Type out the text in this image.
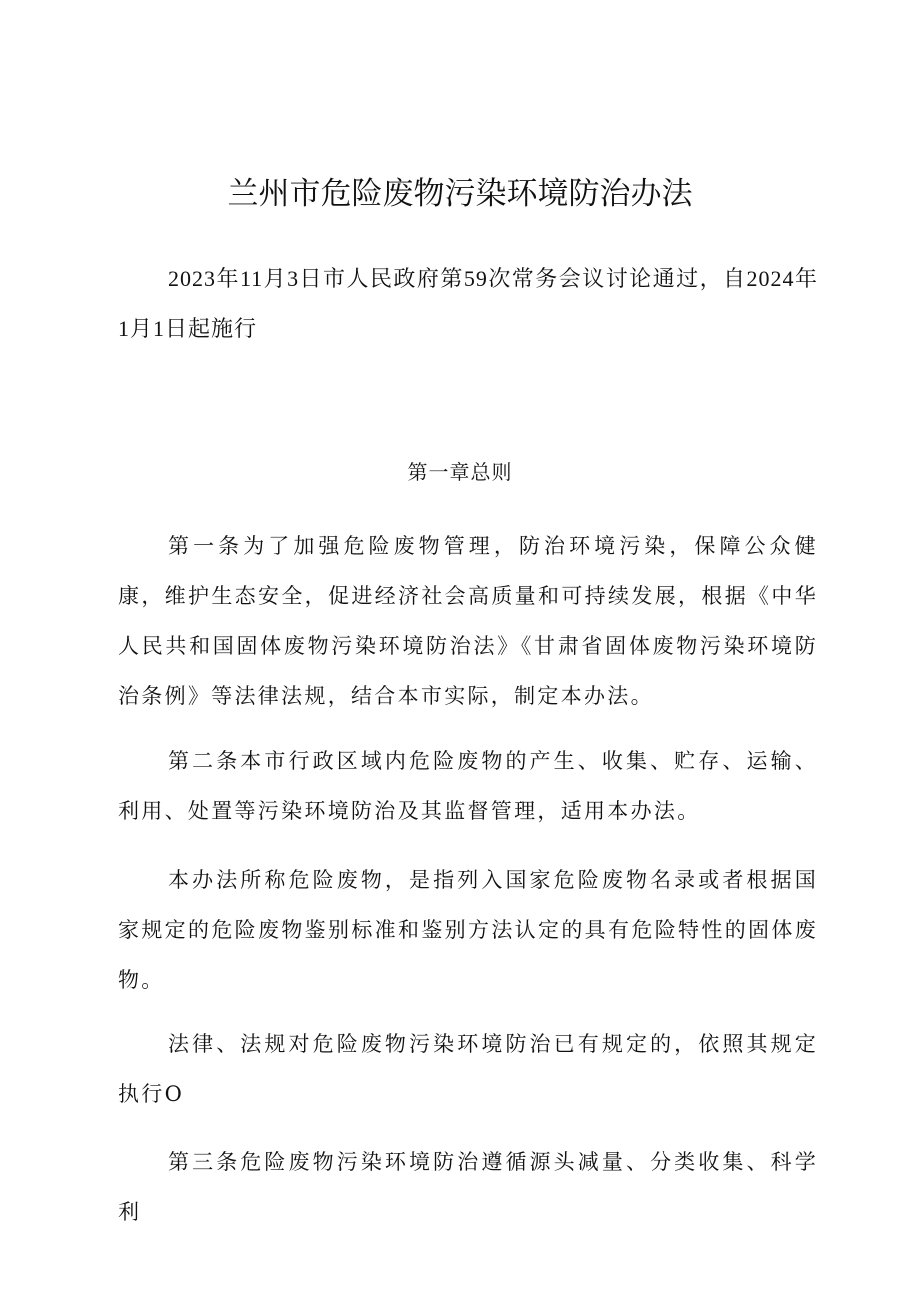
兰州市危险废物污染环境防治办法

2023年11月3日市人民政府第59次常务会议讨论通过，自2024年1月1日起施行

第一章总则

第一条为了加强危险废物管理，防治环境污染，保障公众健康，维护生态安全，促进经济社会高质量和可持续发展，根据《中华人民共和国固体废物污染环境防治法》《甘肃省固体废物污染环境防治条例》等法律法规，结合本市实际，制定本办法。

第二条本市行政区域内危险废物的产生、收集、贮存、运输、利用、处置等污染环境防治及其监督管理，适用本办法。

本办法所称危险废物，是指列入国家危险废物名录或者根据国家规定的危险废物鉴别标准和鉴别方法认定的具有危险特性的固体废物。

法律、法规对危险废物污染环境防治已有规定的，依照其规定执行O

第三条危险废物污染环境防治遵循源头减量、分类收集、科学利
